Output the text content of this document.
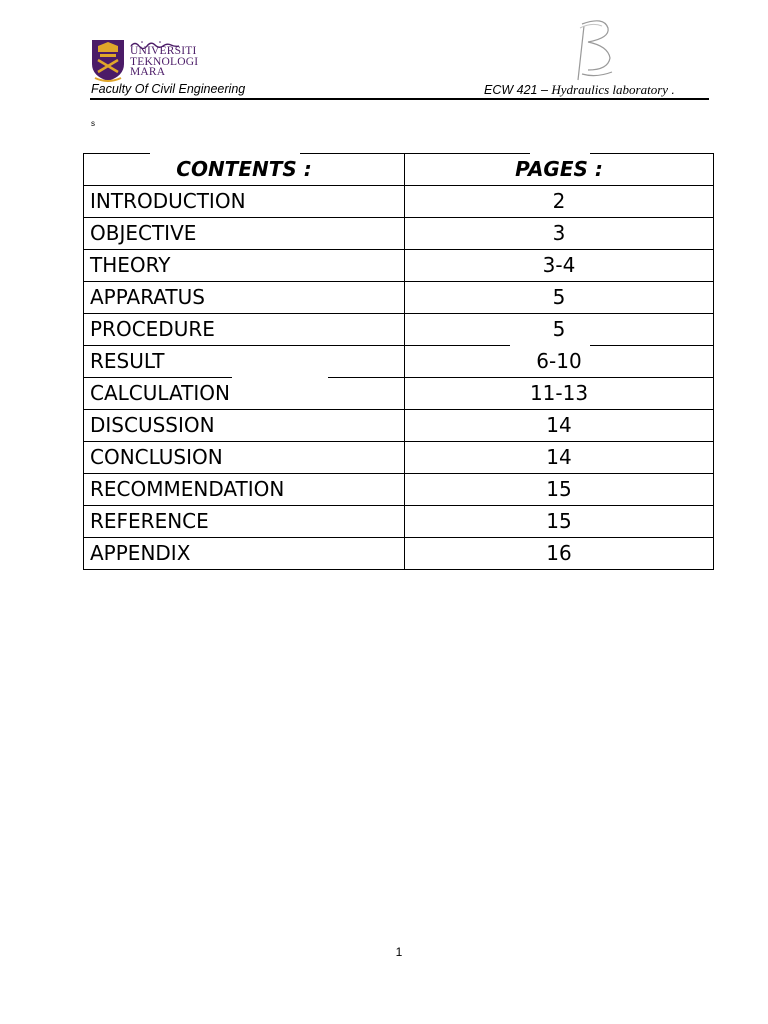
UNIVERSITI
TEKNOLOGI
MARA
Faculty Of Civil Engineering	ECW 421 – Hydraulics laboratory .
s
CONTENTS :	PAGES :
INTRODUCTION	2
OBJECTIVE	3
THEORY	3-4
APPARATUS	5
PROCEDURE	5
RESULT	6-10
CALCULATION	11-13
DISCUSSION	14
CONCLUSION	14
RECOMMENDATION	15
REFERENCE	15
APPENDIX	16
1
